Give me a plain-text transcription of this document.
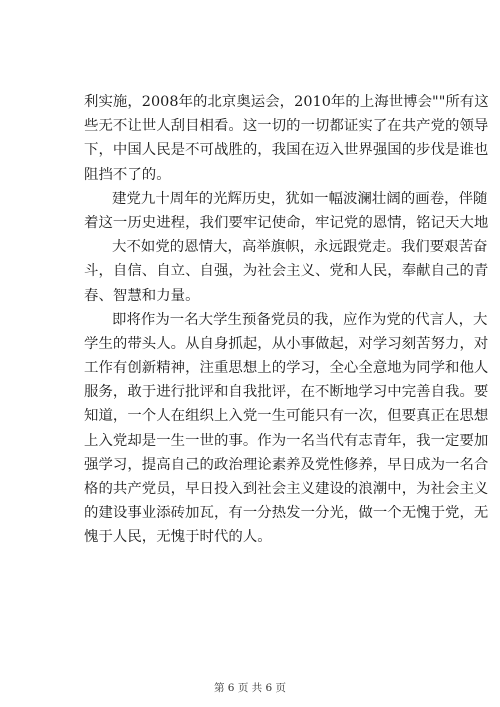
利实施，2008年的北京奥运会，2010年的上海世博会""所有这
些无不让世人刮目相看。这一切的一切都证实了在共产党的领导
下，中国人民是不可战胜的，我国在迈入世界强国的步伐是谁也
阻挡不了的。
建党九十周年的光辉历史，犹如一幅波澜壮阔的画卷，伴随
着这一历史进程，我们要牢记使命，牢记党的恩情，铭记天大地
大不如党的恩情大，高举旗帜，永远跟党走。我们要艰苦奋
斗，自信、自立、自强，为社会主义、党和人民，奉献自己的青
春、智慧和力量。
即将作为一名大学生预备党员的我，应作为党的代言人，大
学生的带头人。从自身抓起，从小事做起，对学习刻苦努力，对
工作有创新精神，注重思想上的学习，全心全意地为同学和他人
服务，敢于进行批评和自我批评，在不断地学习中完善自我。要
知道，一个人在组织上入党一生可能只有一次，但要真正在思想
上入党却是一生一世的事。作为一名当代有志青年，我一定要加
强学习，提高自己的政治理论素养及党性修养，早日成为一名合
格的共产党员，早日投入到社会主义建设的浪潮中，为社会主义
的建设事业添砖加瓦，有一分热发一分光，做一个无愧于党，无
愧于人民，无愧于时代的人。
第 6 页 共 6 页
